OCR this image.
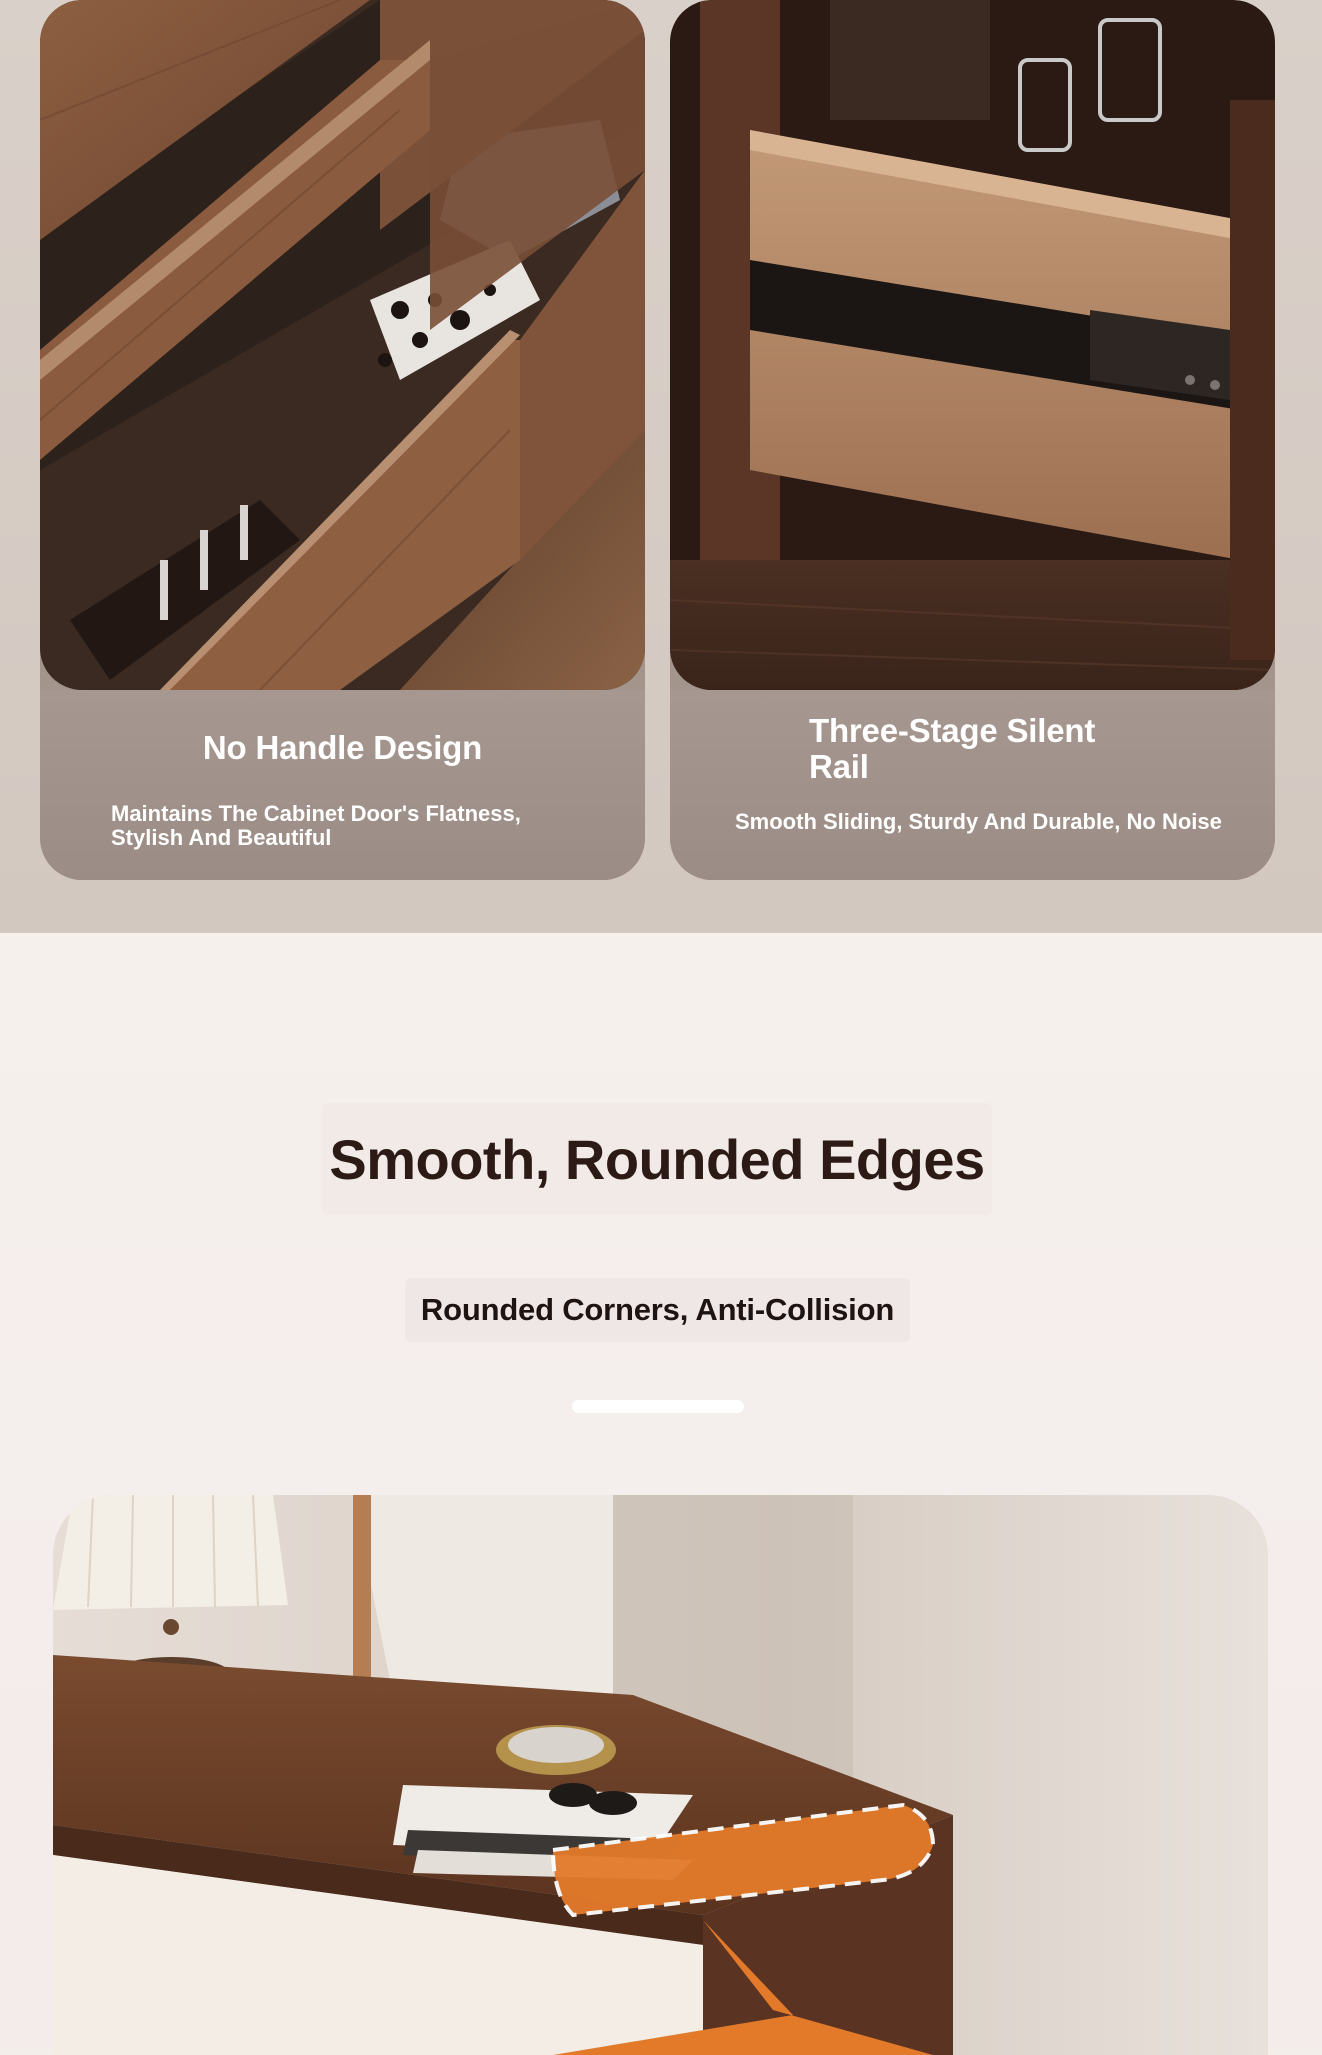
No Handle Design
Maintains The Cabinet Door's Flatness, Stylish And Beautiful
Three-Stage Silent Rail
Smooth Sliding, Sturdy And Durable, No Noise
Smooth, Rounded Edges
Rounded Corners, Anti-Collision
